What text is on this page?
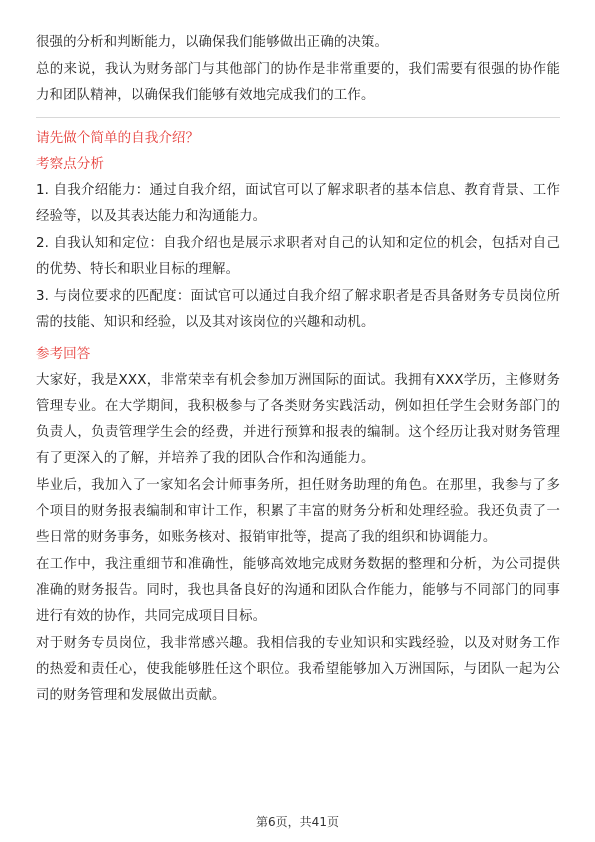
很强的分析和判断能力，以确保我们能够做出正确的决策。

总的来说，我认为财务部门与其他部门的协作是非常重要的，我们需要有很强的协作能力和团队精神，以确保我们能够有效地完成我们的工作。

请先做个简单的自我介绍？

考察点分析

1. 自我介绍能力：通过自我介绍，面试官可以了解求职者的基本信息、教育背景、工作经验等，以及其表达能力和沟通能力。

2. 自我认知和定位：自我介绍也是展示求职者对自己的认知和定位的机会，包括对自己的优势、特长和职业目标的理解。

3. 与岗位要求的匹配度：面试官可以通过自我介绍了解求职者是否具备财务专员岗位所需的技能、知识和经验，以及其对该岗位的兴趣和动机。

参考回答

大家好，我是XXX，非常荣幸有机会参加万洲国际的面试。我拥有XXX学历，主修财务管理专业。在大学期间，我积极参与了各类财务实践活动，例如担任学生会财务部门的负责人，负责管理学生会的经费，并进行预算和报表的编制。这个经历让我对财务管理有了更深入的了解，并培养了我的团队合作和沟通能力。

毕业后，我加入了一家知名会计师事务所，担任财务助理的角色。在那里，我参与了多个项目的财务报表编制和审计工作，积累了丰富的财务分析和处理经验。我还负责了一些日常的财务事务，如账务核对、报销审批等，提高了我的组织和协调能力。

在工作中，我注重细节和准确性，能够高效地完成财务数据的整理和分析，为公司提供准确的财务报告。同时，我也具备良好的沟通和团队合作能力，能够与不同部门的同事进行有效的协作，共同完成项目目标。

对于财务专员岗位，我非常感兴趣。我相信我的专业知识和实践经验，以及对财务工作的热爱和责任心，使我能够胜任这个职位。我希望能够加入万洲国际，与团队一起为公司的财务管理和发展做出贡献。

第6页，共41页
